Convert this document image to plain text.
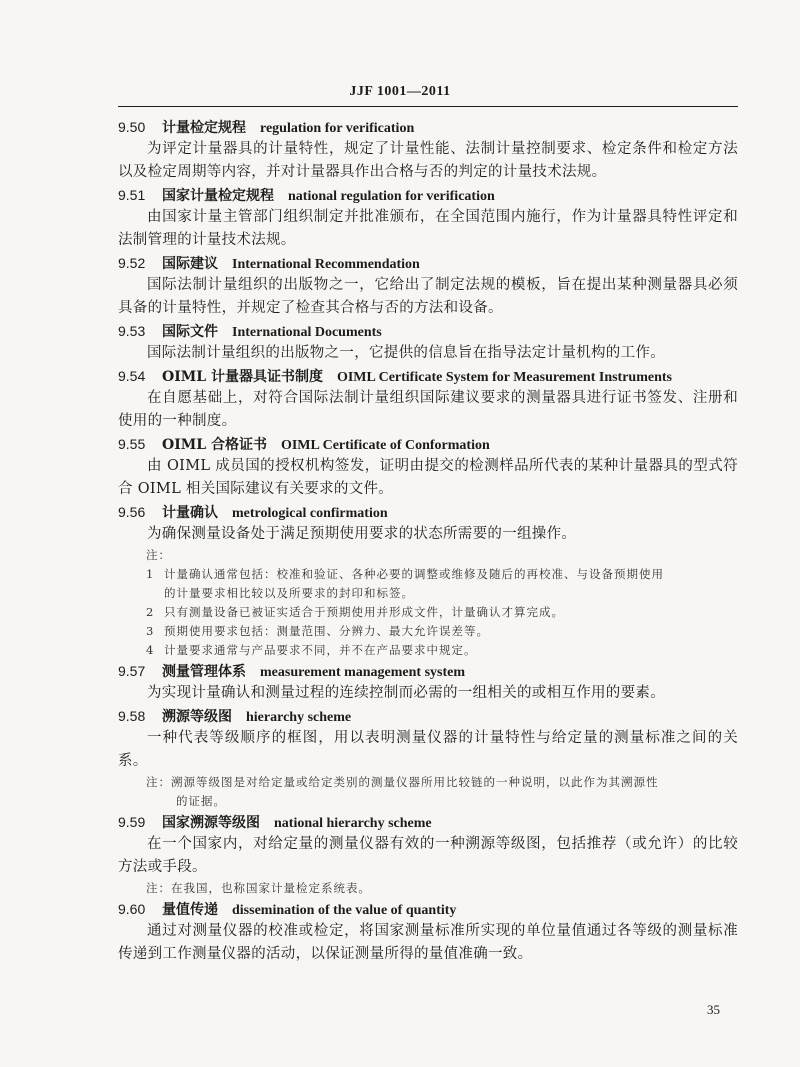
JJF 1001—2011
9.50 计量检定规程 regulation for verification
为评定计量器具的计量特性，规定了计量性能、法制计量控制要求、检定条件和检定方法以及检定周期等内容，并对计量器具作出合格与否的判定的计量技术法规。
9.51 国家计量检定规程 national regulation for verification
由国家计量主管部门组织制定并批准颁布，在全国范围内施行，作为计量器具特性评定和法制管理的计量技术法规。
9.52 国际建议 International Recommendation
国际法制计量组织的出版物之一，它给出了制定法规的模板，旨在提出某种测量器具必须具备的计量特性，并规定了检查其合格与否的方法和设备。
9.53 国际文件 International Documents
国际法制计量组织的出版物之一，它提供的信息旨在指导法定计量机构的工作。
9.54 OIML 计量器具证书制度 OIML Certificate System for Measurement Instruments
在自愿基础上，对符合国际法制计量组织国际建议要求的测量器具进行证书签发、注册和使用的一种制度。
9.55 OIML 合格证书 OIML Certificate of Conformation
由 OIML 成员国的授权机构签发，证明由提交的检测样品所代表的某种计量器具的型式符合 OIML 相关国际建议有关要求的文件。
9.56 计量确认 metrological confirmation
为确保测量设备处于满足预期使用要求的状态所需要的一组操作。
注：
1 计量确认通常包括：校准和验证、各种必要的调整或维修及随后的再校准、与设备预期使用
的计量要求相比较以及所要求的封印和标签。
2 只有测量设备已被证实适合于预期使用并形成文件，计量确认才算完成。
3 预期使用要求包括：测量范围、分辨力、最大允许误差等。
4 计量要求通常与产品要求不同，并不在产品要求中规定。
9.57 测量管理体系 measurement management system
为实现计量确认和测量过程的连续控制而必需的一组相关的或相互作用的要素。
9.58 溯源等级图 hierarchy scheme
一种代表等级顺序的框图，用以表明测量仪器的计量特性与给定量的测量标准之间的关系。
注：溯源等级图是对给定量或给定类别的测量仪器所用比较链的一种说明，以此作为其溯源性
的证据。
9.59 国家溯源等级图 national hierarchy scheme
在一个国家内，对给定量的测量仪器有效的一种溯源等级图，包括推荐（或允许）的比较方法或手段。
注：在我国，也称国家计量检定系统表。
9.60 量值传递 dissemination of the value of quantity
通过对测量仪器的校准或检定，将国家测量标准所实现的单位量值通过各等级的测量标准传递到工作测量仪器的活动，以保证测量所得的量值准确一致。
35
